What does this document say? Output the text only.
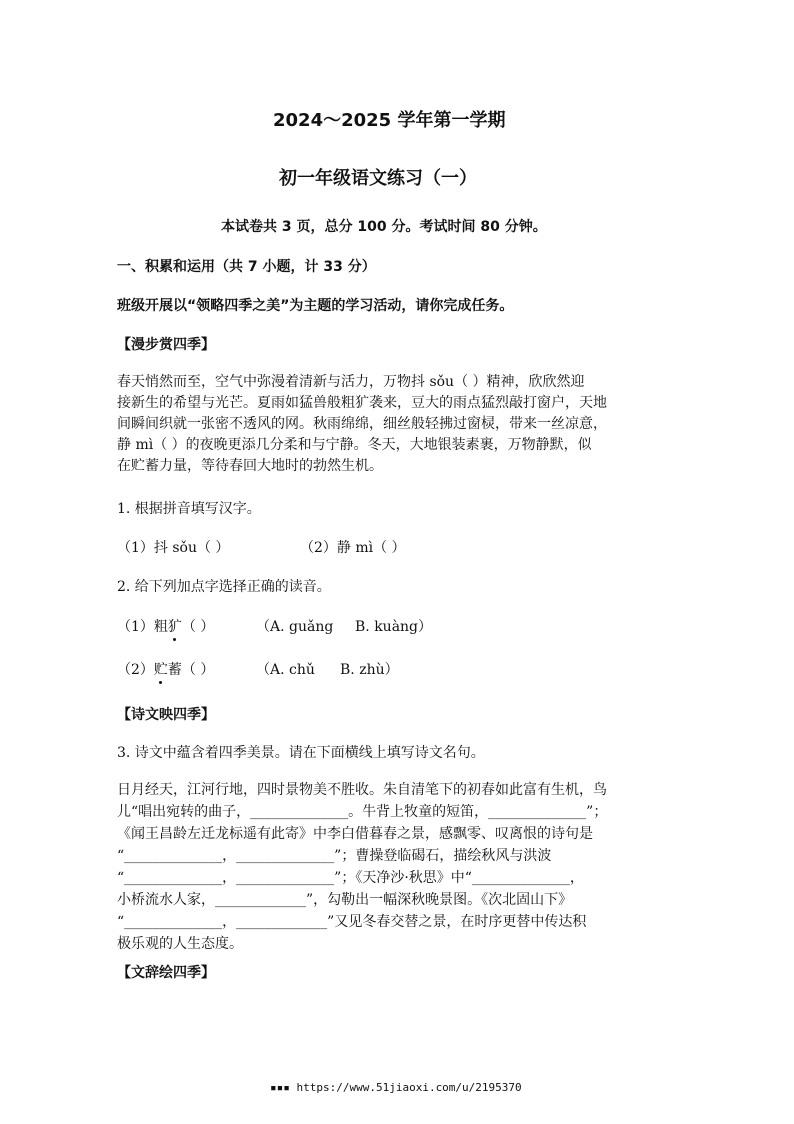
2024～2025 学年第一学期
初一年级语文练习（一）
本试卷共 3 页，总分 100 分。考试时间 80 分钟。
一、积累和运用（共 7 小题，计 33 分）
班级开展以“领略四季之美”为主题的学习活动，请你完成任务。
【漫步赏四季】
春天悄然而至，空气中弥漫着清新与活力，万物抖 sǒu（ ）精神，欣欣然迎
接新生的希望与光芒。夏雨如猛兽般粗犷袭来，豆大的雨点猛烈敲打窗户，天地
间瞬间织就一张密不透风的网。秋雨绵绵，细丝般轻拂过窗棂，带来一丝凉意，
静 mì（ ）的夜晚更添几分柔和与宁静。冬天，大地银装素裹，万物静默，似
在贮蓄力量，等待春回大地时的勃然生机。
1. 根据拼音填写汉字。
（1）抖 sǒu（ ）	（2）静 mì（ ）
2. 给下列加点字选择正确的读音。
（1）粗犷（ ）	（A. guǎng B. kuàng）
（2）贮蓄（ ）	（A. chǔ B. zhù）
【诗文映四季】
3. 诗文中蕴含着四季美景。请在下面横线上填写诗文名句。
日月经天，江河行地，四时景物美不胜收。朱自清笔下的初春如此富有生机，鸟
儿“唱出宛转的曲子，______________。牛背上牧童的短笛，______________”；
《闻王昌龄左迁龙标遥有此寄》中李白借暮春之景，感飘零、叹离恨的诗句是
“______________，______________”；曹操登临碣石，描绘秋风与洪波
“______________，______________”；《天净沙·秋思》中“______________，
小桥流水人家，_____________”，勾勒出一幅深秋晚景图。《次北固山下》
“______________，_____________”又见冬春交替之景，在时序更替中传达积
极乐观的人生态度。
【文辞绘四季】
▪▪▪ https://www.51jiaoxi.com/u/2195370
